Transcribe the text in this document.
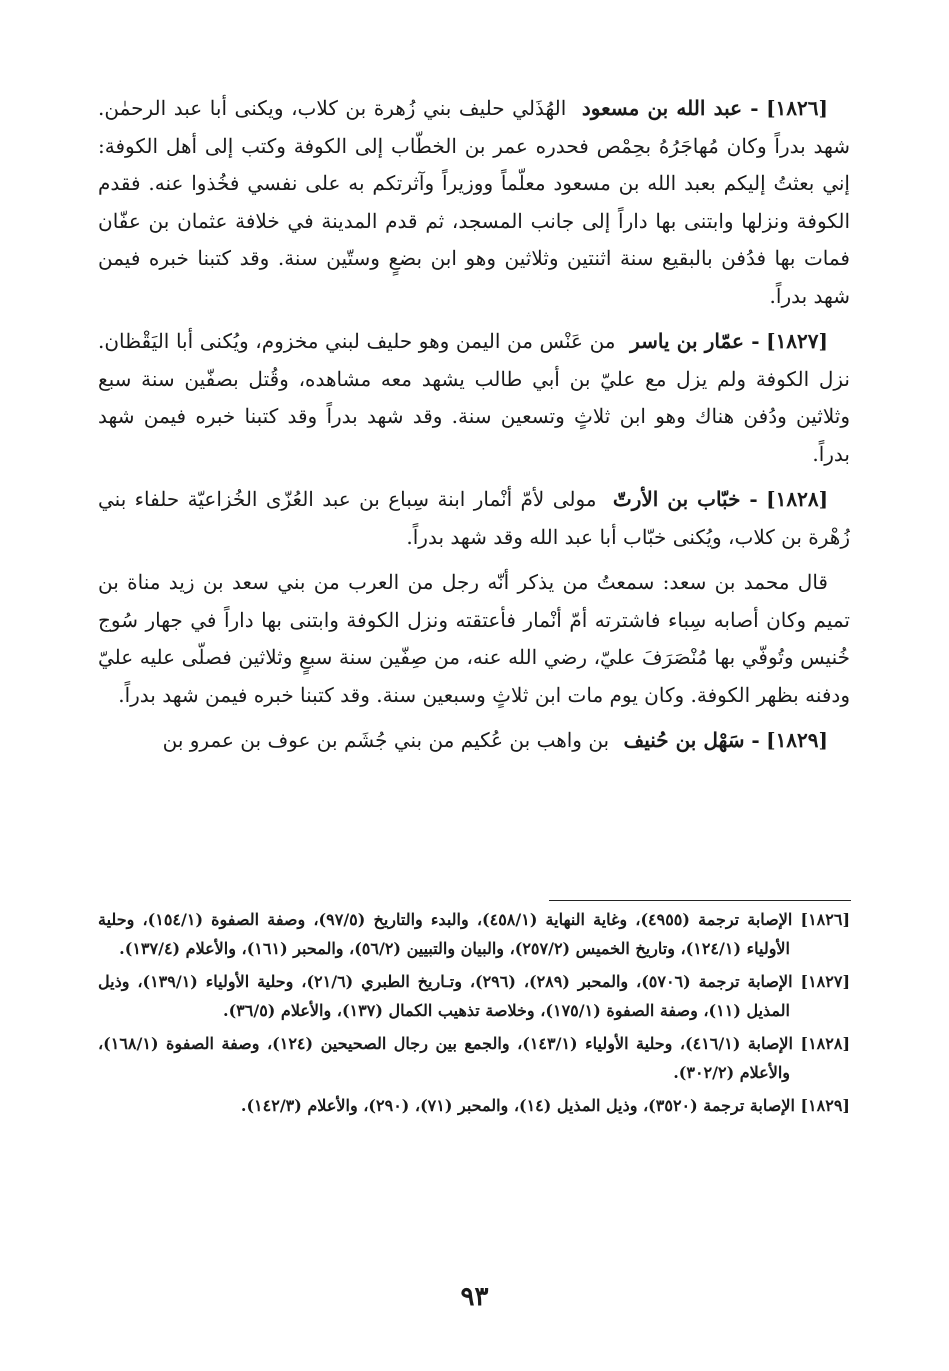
[١٨٢٦] - عبد الله بن مسعود الهُذَلي حليف بني زُهرة بن كلاب، ويكنى أبا عبد الرحمٰن. شهد بدراً وكان مُهاجَرُهُ بحِمْص فحدره عمر بن الخطّاب إلى الكوفة وكتب إلى أهل الكوفة: إني بعثتُ إليكم بعبد الله بن مسعود معلّماً ووزيراً وآثرتكم به على نفسي فخُذوا عنه. فقدم الكوفة ونزلها وابتنى بها داراً إلى جانب المسجد، ثم قدم المدينة في خلافة عثمان بن عفّان فمات بها فدُفن بالبقيع سنة اثنتين وثلاثين وهو ابن بضعٍ وستّين سنة. وقد كتبنا خبره فيمن شهد بدراً.

[١٨٢٧] - عمّار بن ياسر من عَنْس من اليمن وهو حليف لبني مخزوم، ويُكنى أبا اليَقْظان. نزل الكوفة ولم يزل مع عليّ بن أبي طالب يشهد معه مشاهده، وقُتل بصفّين سنة سبع وثلاثين ودُفن هناك وهو ابن ثلاثٍ وتسعين سنة. وقد شهد بدراً وقد كتبنا خبره فيمن شهد بدراً.

[١٨٢٨] - خبّاب بن الأرتّ مولى لأمّ أنْمار ابنة سِباع بن عبد العُزّى الخُزاعيّة حلفاء بني زُهْرة بن كلاب، ويُكنى خبّاب أبا عبد الله وقد شهد بدراً.

قال محمد بن سعد: سمعتُ من يذكر أنّه رجل من العرب من بني سعد بن زيد مناة بن تميم وكان أصابه سِباء فاشترته أمّ أنْمار فأعتقته ونزل الكوفة وابتنى بها داراً في جهار سُوج خُنيس وتُوفّي بها مُنْصَرَفَ عليّ، رضي الله عنه، من صِفّين سنة سبعٍ وثلاثين فصلّى عليه عليّ ودفنه بظهر الكوفة. وكان يوم مات ابن ثلاثٍ وسبعين سنة. وقد كتبنا خبره فيمن شهد بدراً.

[١٨٢٩] - سَهْل بن حُنيف بن واهب بن عُكيم من بني جُشَم بن عوف بن عمرو بن

[١٨٢٦] الإصابة ترجمة (٤٩٥٥)، وغاية النهاية (٤٥٨/١)، والبدء والتاريخ (٩٧/٥)، وصفة الصفوة (١٥٤/١)، وحلية الأولياء (١٢٤/١)، وتاريخ الخميس (٢٥٧/٢)، والبيان والتبيين (٥٦/٢)، والمحبر (١٦١)، والأعلام (١٣٧/٤).

[١٨٢٧] الإصابة ترجمة (٥٧٠٦)، والمحبر (٢٨٩)، (٢٩٦)، وتـاريخ الطبري (٢١/٦)، وحلية الأولياء (١٣٩/١)، وذيل المذيل (١١)، وصفة الصفوة (١٧٥/١)، وخلاصة تذهيب الكمال (١٣٧)، والأعلام (٣٦/٥).

[١٨٢٨] الإصابة (٤١٦/١)، وحلية الأولياء (١٤٣/١)، والجمع بين رجال الصحيحين (١٢٤)، وصفة الصفوة (١٦٨/١)، والأعلام (٣٠٢/٢).

[١٨٢٩] الإصابة ترجمة (٣٥٢٠)، وذيل المذيل (١٤)، والمحبر (٧١)، (٢٩٠)، والأعلام (١٤٢/٣).

٩٣
